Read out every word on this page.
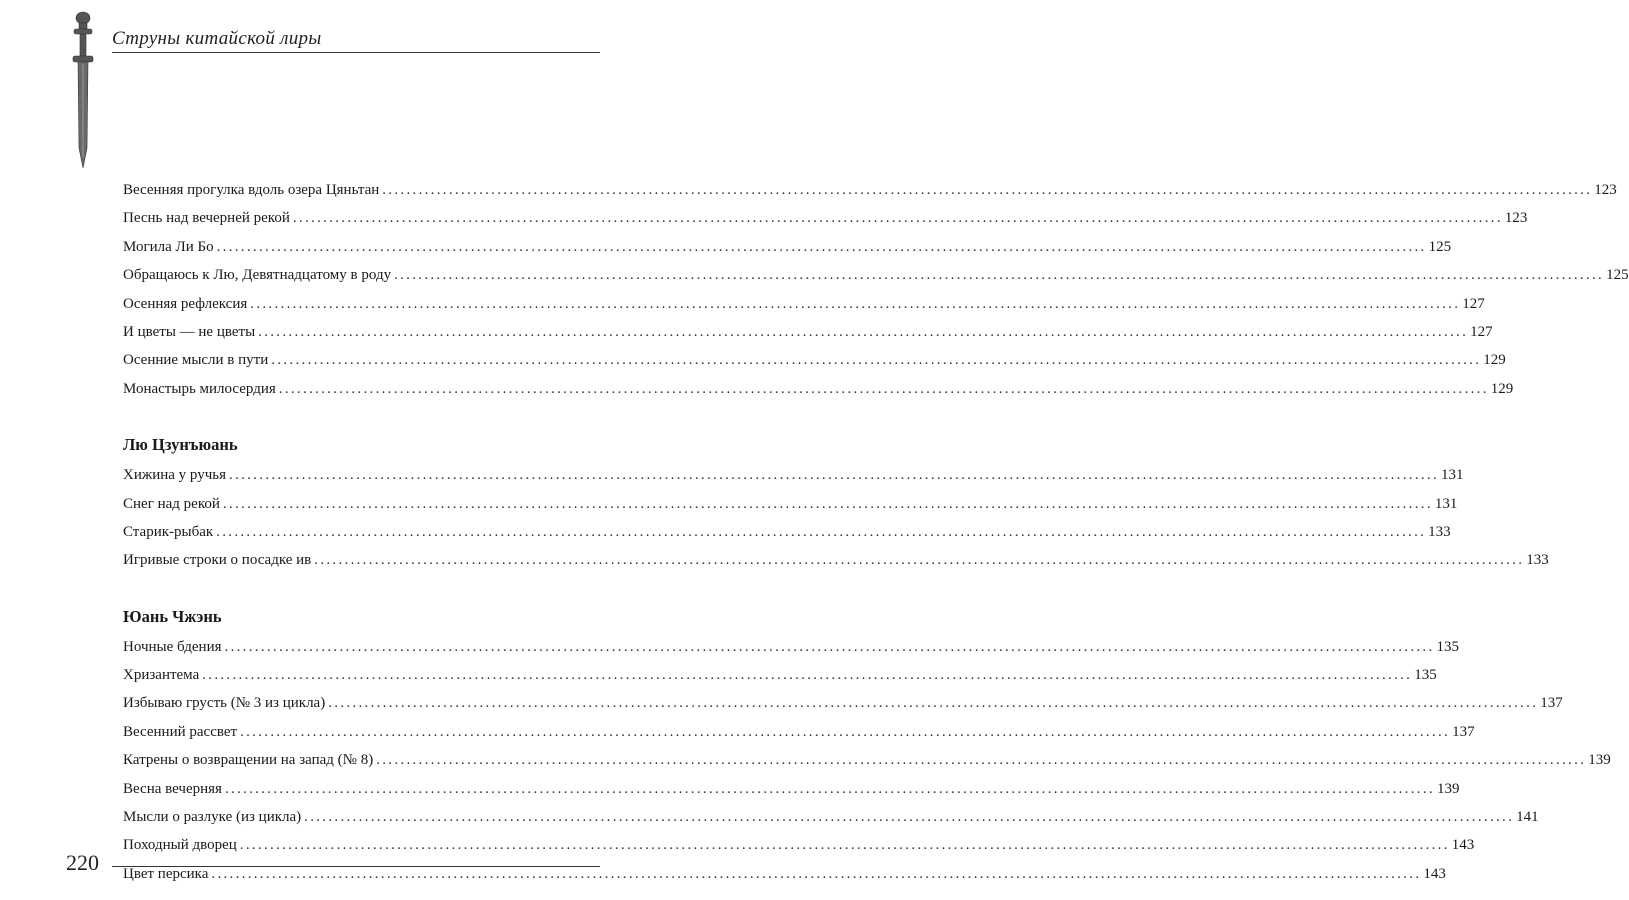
Струны китайской лиры
Весенняя прогулка вдоль озера Цяньтан ........................................................................................................................................................................................................ 123
Песнь над вечерней рекой ........................................................................................................................................................................................................ 123
Могила Ли Бо ........................................................................................................................................................................................................ 125
Обращаюсь к Лю, Девятнадцатому в роду ........................................................................................................................................................................................................ 125
Осенняя рефлексия ........................................................................................................................................................................................................ 127
И цветы — не цветы ........................................................................................................................................................................................................ 127
Осенние мысли в пути ........................................................................................................................................................................................................ 129
Монастырь милосердия ........................................................................................................................................................................................................ 129
Лю Цзунъюань
Хижина у ручья ........................................................................................................................................................................................................ 131
Снег над рекой ........................................................................................................................................................................................................ 131
Старик-рыбак ........................................................................................................................................................................................................ 133
Игривые строки о посадке ив ........................................................................................................................................................................................................ 133
Юань Чжэнь
Ночные бдения ........................................................................................................................................................................................................ 135
Хризантема ........................................................................................................................................................................................................ 135
Избываю грусть (№ 3 из цикла) ........................................................................................................................................................................................................ 137
Весенний рассвет ........................................................................................................................................................................................................ 137
Катрены о возвращении на запад (№ 8) ........................................................................................................................................................................................................ 139
Весна вечерняя ........................................................................................................................................................................................................ 139
Мысли о разлуке (из цикла) ........................................................................................................................................................................................................ 141
Походный дворец ........................................................................................................................................................................................................ 143
Цвет персика ........................................................................................................................................................................................................ 143
220
